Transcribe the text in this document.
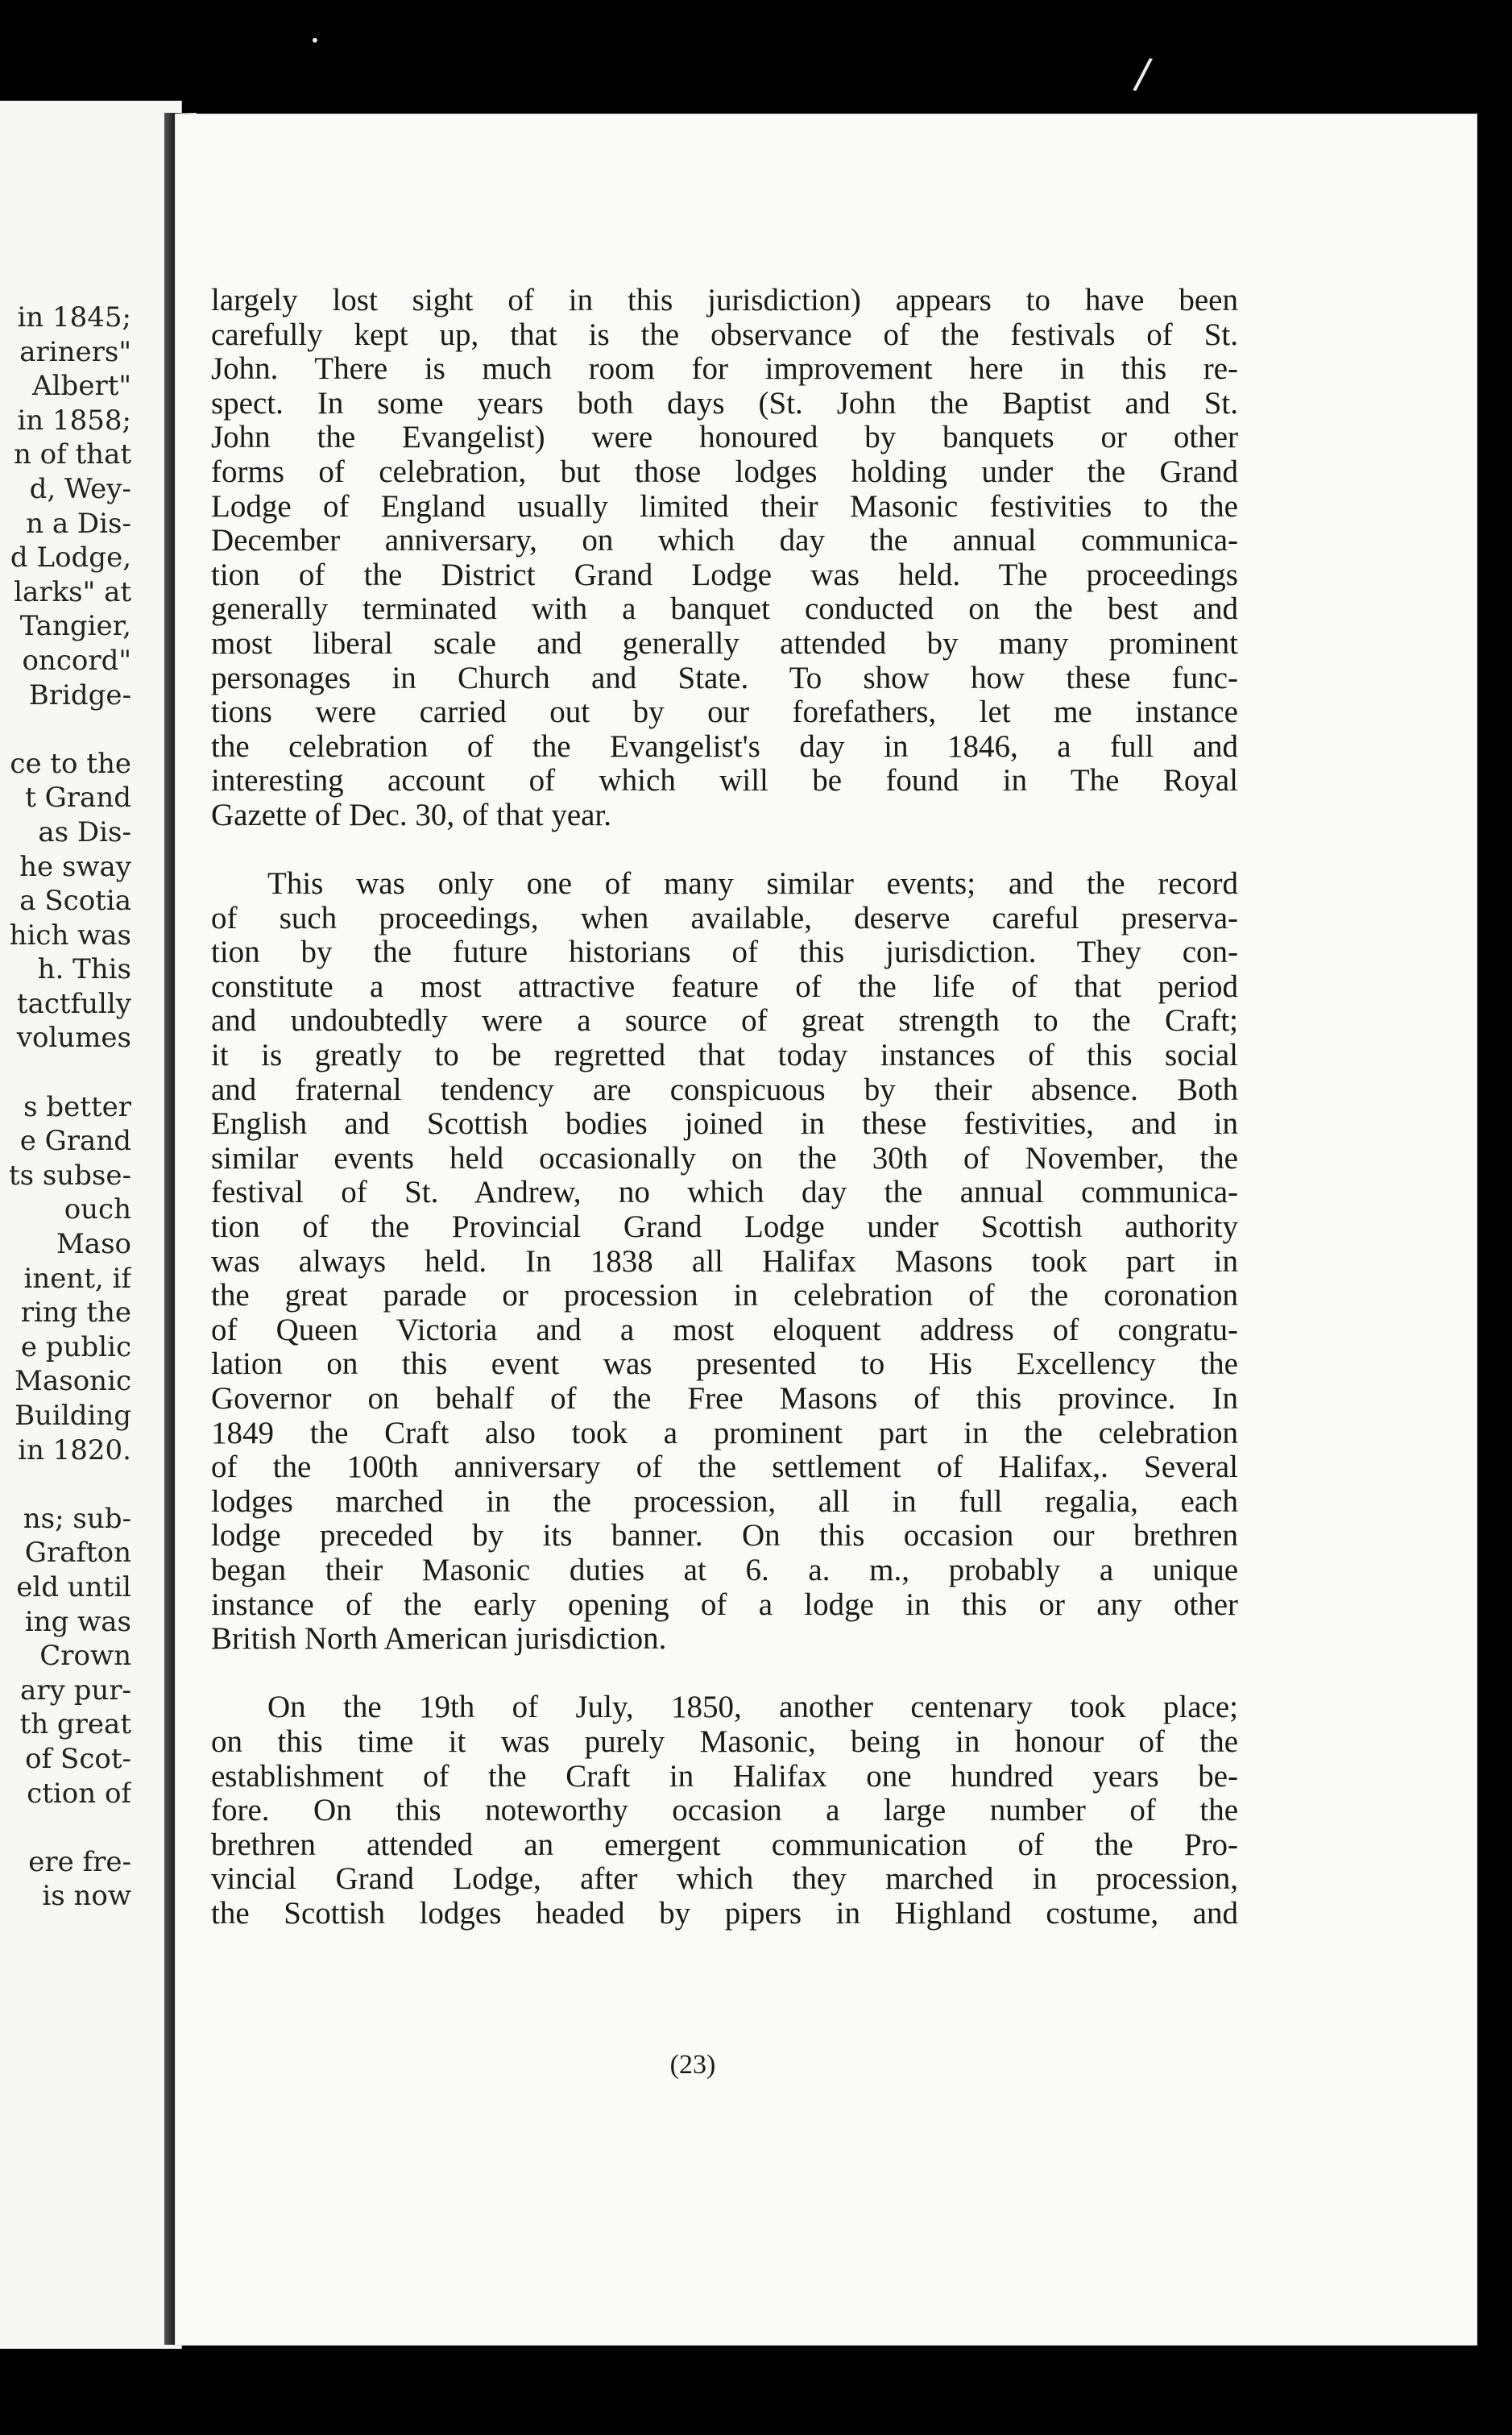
•
/
in 1845;
ariners"
Albert"
in 1858;
n of that
d, Wey-
n a Dis-
d Lodge,
larks" at
Tangier,
oncord"
Bridge-
ce to the
t Grand
as Dis-
he sway
a Scotia
hich was
h. This
tactfully
volumes
s better
e Grand
ts subse-
ouch
Maso
inent, if
ring the
e public
Masonic
Building
in 1820.
ns; sub-
Grafton
eld until
ing was
Crown
ary pur-
th great
of Scot-
ction of
ere fre-
is now
largely lost sight of in this jurisdiction) appears to have been
carefully kept up, that is the observance of the festivals of St.
John. There is much room for improvement here in this re-
spect. In some years both days (St. John the Baptist and St.
John the Evangelist) were honoured by banquets or other
forms of celebration, but those lodges holding under the Grand
Lodge of England usually limited their Masonic festivities to the
December anniversary, on which day the annual communica-
tion of the District Grand Lodge was held. The proceedings
generally terminated with a banquet conducted on the best and
most liberal scale and generally attended by many prominent
personages in Church and State. To show how these func-
tions were carried out by our forefathers, let me instance
the celebration of the Evangelist's day in 1846, a full and
interesting account of which will be found in The Royal
Gazette of Dec. 30, of that year.
This was only one of many similar events; and the record
of such proceedings, when available, deserve careful preserva-
tion by the future historians of this jurisdiction. They con-
constitute a most attractive feature of the life of that period
and undoubtedly were a source of great strength to the Craft;
it is greatly to be regretted that today instances of this social
and fraternal tendency are conspicuous by their absence. Both
English and Scottish bodies joined in these festivities, and in
similar events held occasionally on the 30th of November, the
festival of St. Andrew, no which day the annual communica-
tion of the Provincial Grand Lodge under Scottish authority
was always held. In 1838 all Halifax Masons took part in
the great parade or procession in celebration of the coronation
of Queen Victoria and a most eloquent address of congratu-
lation on this event was presented to His Excellency the
Governor on behalf of the Free Masons of this province. In
1849 the Craft also took a prominent part in the celebration
of the 100th anniversary of the settlement of Halifax,. Several
lodges marched in the procession, all in full regalia, each
lodge preceded by its banner. On this occasion our brethren
began their Masonic duties at 6. a. m., probably a unique
instance of the early opening of a lodge in this or any other
British North American jurisdiction.
On the 19th of July, 1850, another centenary took place;
on this time it was purely Masonic, being in honour of the
establishment of the Craft in Halifax one hundred years be-
fore. On this noteworthy occasion a large number of the
brethren attended an emergent communication of the Pro-
vincial Grand Lodge, after which they marched in procession,
the Scottish lodges headed by pipers in Highland costume, and
(23)
